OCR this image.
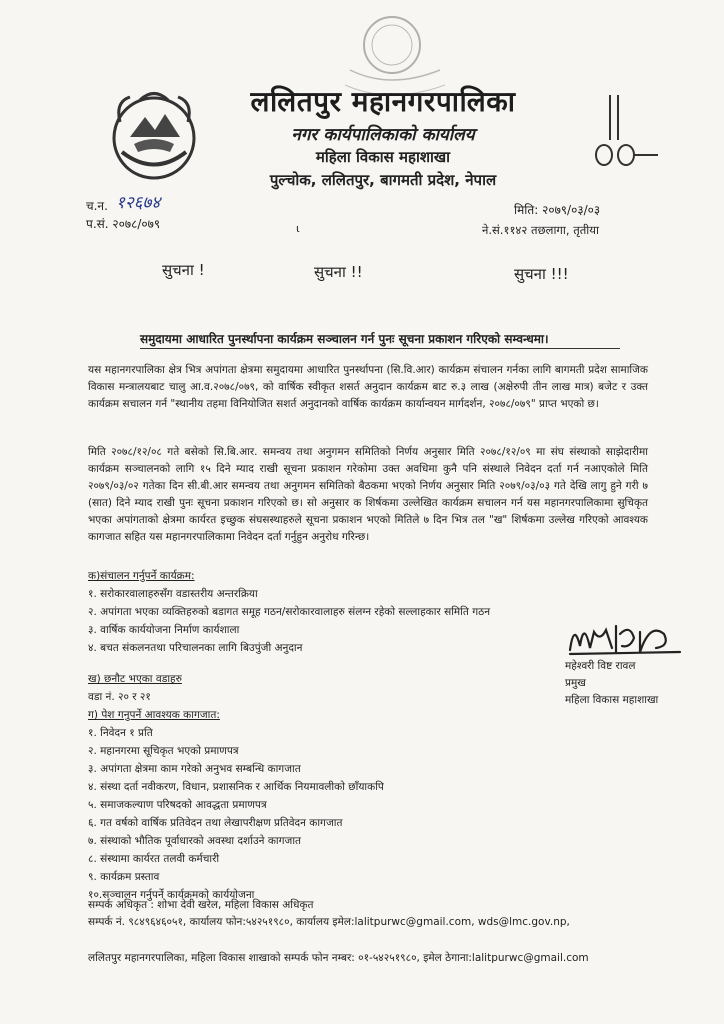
ललितपुर महानगरपालिका
नगर कार्यपालिकाको कार्यालय
महिला विकास महाशाखा
पुल्चोक, ललितपुर, बागमती प्रदेश, नेपाल
च.न. १२६७४
प.सं. २०७८/०७९	ι
मिति: २०७९/०३/०३
ने.सं.११४२ तछलागा, तृतीया
सुचना !	सुचना !!	सुचना !!!
समुदायमा आधारित पुनर्स्थापना कार्यक्रम सञ्चालन गर्न पुनः सूचना प्रकाशन गरिएको सम्वन्धमा।
यस महानगरपालिका क्षेत्र भित्र अपांगता क्षेत्रमा समुदायमा आधारित पुनर्स्थापना (सि.वि.आर) कार्यक्रम संचालन गर्नका लागि बागमती प्रदेश सामाजिक विकास मन्त्रालयबाट चालु आ.व.२०७८/०७९, को वार्षिक स्वीकृत शसर्त अनुदान कार्यक्रम बाट रु.३ लाख (अक्षेरुपी तीन लाख मात्र) बजेट र उक्त कार्यक्रम सचालन गर्न "स्थानीय तहमा विनियोजित सशर्त अनुदानको वार्षिक कार्यक्रम कार्यान्वयन मार्गदर्शन, २०७८/०७९" प्राप्त भएको छ।
मिति २०७८/१२/०८ गते बसेको सि.बि.आर. समन्वय तथा अनुगमन समितिको निर्णय अनुसार मिति २०७८/१२/०९ मा संघ संस्थाको साझेदारीमा कार्यक्रम सञ्चालनको लागि १५ दिने म्याद राखी सूचना प्रकाशन गरेकोमा उक्त अवधिमा कुनै पनि संस्थाले निवेदन दर्ता गर्न नआएकोले मिति २०७९/०३/०२ गतेका दिन सी.बी.आर समन्वय तथा अनुगमन समितिको बैठकमा भएको निर्णय अनुसार मिति २०७९/०३/०३ गते देखि लागु हुने गरी ७ (सात) दिने म्याद राखी पुनः सूचना प्रकाशन गरिएको छ। सो अनुसार क शिर्षकमा उल्लेखित कार्यक्रम सचालन गर्न यस महानगरपालिकामा सुचिकृत भएका अपांगताको क्षेत्रमा कार्यरत इच्छुक संघसस्थाहरुले सूचना प्रकाशन भएको मितिले ७ दिन भित्र तल "ख" शिर्षकमा उल्लेख गरिएको आवश्यक कागजात सहित यस महानगरपालिकामा निवेदन दर्ता गर्नुहुन अनुरोध गरिन्छ।
क)संचालन गर्नुपर्ने कार्यक्रम:
१. सरोकारवालाहरुसँग वडास्तरीय अन्तरक्रिया
२. अपांगता भएका व्यक्तिहरुको बडागत समूह गठन/सरोकारवालाहरु संलग्न रहेको सल्लाहकार समिति गठन
३. वार्षिक कार्ययोजना निर्माण कार्यशाला
४. बचत संकलनतथा परिचालनका लागि बिउपुंजी अनुदान
ख) छनौट भएका वडाहरु
वडा नं. २० र २१
ग) पेश गनुपर्ने आवश्यक कागजात:
१. निवेदन १ प्रति
२. महानगरमा सूचिकृत भएको प्रमाणपत्र
३. अपांगता क्षेत्रमा काम गरेको अनुभव सम्बन्धि कागजात
४. संस्था दर्ता नवीकरण, विधान, प्रशासनिक र आर्थिक नियमावलीको छाँयाकपि
५. समाजकल्याण परिषदको आवद्धता प्रमाणपत्र
६. गत वर्षको वार्षिक प्रतिवेदन तथा लेखापरीक्षण प्रतिवेदन कागजात
७. संस्थाको भौतिक पूर्वाधारको अवस्था दर्शाउने कागजात
८. संस्थामा कार्यरत तलवी कर्मचारी
९. कार्यक्रम प्रस्ताव
१०.सञ्चालन गर्नुपर्ने कार्यक्रमको कार्ययोजना
महेश्वरी विष्ट रावल
प्रमुख
महिला विकास महाशाखा
सम्पर्क अधिकृत : शोभा देवी खरेल, महिला विकास अधिकृत
सम्पर्क नं. ९८४९६४६०५१, कार्यालय फोन:५४२५१९८०, कार्यालय इमेल:lalitpurwc@gmail.com, wds@lmc.gov.np,
ललितपुर महानगरपालिका, महिला विकास शाखाको सम्पर्क फोन नम्बर: ०१-५४२५१९८०, इमेल ठेगाना:lalitpurwc@gmail.com
